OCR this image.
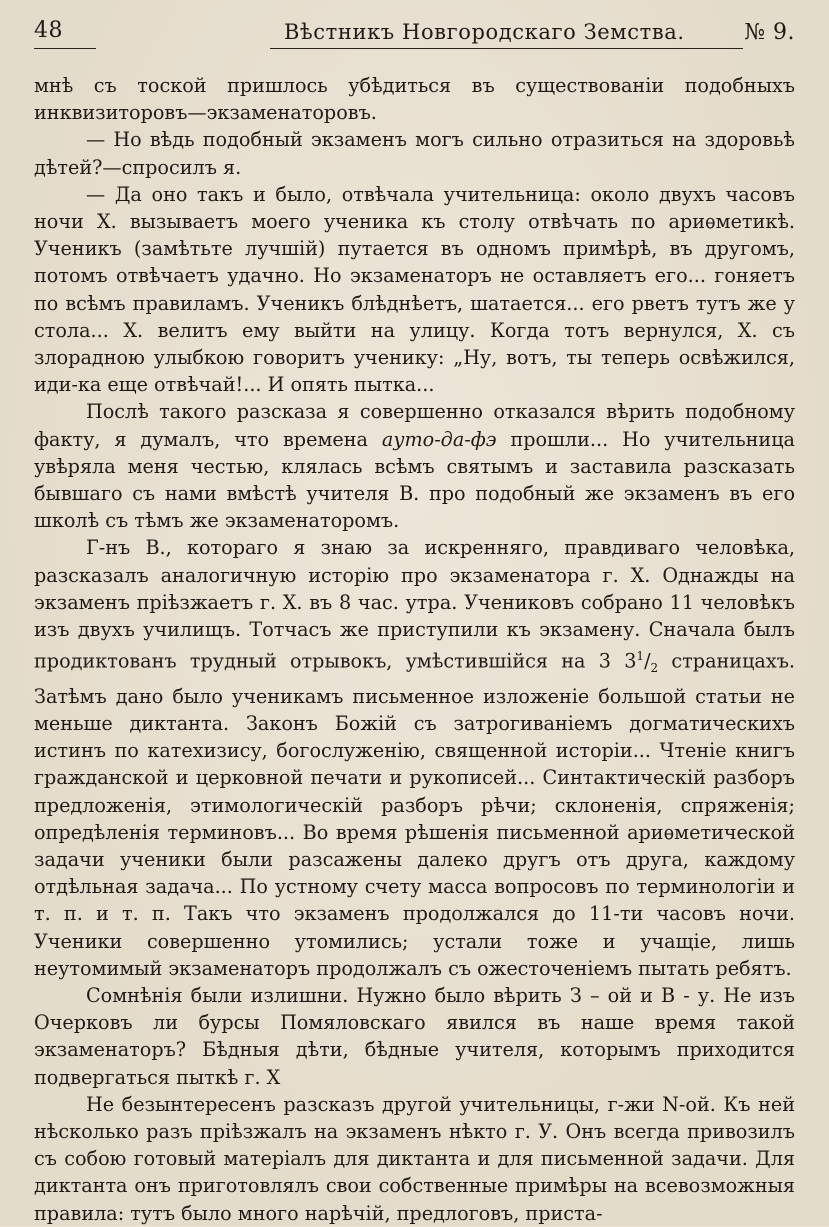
48	Вѣстникъ Новгородскаго Земства.	№ 9.

мнѣ съ тоской пришлось убѣдиться въ существованіи подобныхъ инквизиторовъ—экзаменаторовъ.

— Но вѣдь подобный экзаменъ могъ сильно отразиться на здоровьѣ дѣтей?—спросилъ я.

— Да оно такъ и было, отвѣчала учительница: около двухъ часовъ ночи Х. вызываетъ моего ученика къ столу отвѣчать по ариѳметикѣ. Ученикъ (замѣтьте лучшій) путается въ одномъ примѣрѣ, въ другомъ, потомъ отвѣчаетъ удачно. Но экзаменаторъ не оставляетъ его... гоняетъ по всѣмъ правиламъ. Ученикъ блѣднѣетъ, шатается... его рветъ тутъ же у стола... Х. велитъ ему выйти на улицу. Когда тотъ вернулся, Х. съ злорадною улыбкою говоритъ ученику: „Ну, вотъ, ты теперь освѣжился, иди-ка еще отвѣчай!... И опять пытка...

Послѣ такого разсказа я совершенно отказался вѣрить подобному факту, я думалъ, что времена ауто-да-фэ прошли... Но учительница увѣряла меня честью, клялась всѣмъ святымъ и заставила разсказать бывшаго съ нами вмѣстѣ учителя В. про подобный же экзаменъ въ его школѣ съ тѣмъ же экзаменаторомъ.

Г-нъ В., котораго я знаю за искренняго, правдиваго человѣка, разсказалъ аналогичную исторію про экзаменатора г. Х. Однажды на экзаменъ пріѣзжаетъ г. Х. въ 8 час. утра. Учениковъ собрано 11 человѣкъ изъ двухъ училищъ. Тотчасъ же приступили къ экзамену. Сначала былъ продиктованъ трудный отрывокъ, умѣстившійся на 3 $3^1/_2$ страницахъ. Затѣмъ дано было ученикамъ письменное изложеніе большой статьи не меньше диктанта. Законъ Божій съ затрогиваніемъ догматическихъ истинъ по катехизису, богослуженію, священной исторіи... Чтеніе книгъ гражданской и церковной печати и рукописей... Синтактическій разборъ предложенія, этимологическій разборъ рѣчи; склоненія, спряженія; опредѣленія терминовъ... Во время рѣшенія письменной ариѳметической задачи ученики были разсажены далеко другъ отъ друга, каждому отдѣльная задача... По устному счету масса вопросовъ по терминологіи и т. п. и т. п. Такъ что экзаменъ продолжался до 11-ти часовъ ночи. Ученики совершенно утомились; устали тоже и учащіе, лишь неутомимый экзаменаторъ продолжалъ съ ожесточеніемъ пытать ребятъ.

Сомнѣнія были излишни. Нужно было вѣрить З – ой и В - у. Не изъ Очерковъ ли бурсы Помяловскаго явился въ наше время такой экзаменаторъ? Бѣдныя дѣти, бѣдные учителя, которымъ приходится подвергаться пыткѣ г. Х

Не безынтересенъ разсказъ другой учительницы, г-жи N-ой. Къ ней нѣсколько разъ пріѣзжалъ на экзаменъ нѣкто г. У. Онъ всегда привозилъ съ собою готовый матеріалъ для диктанта и для письменной задачи. Для диктанта онъ приготовлялъ свои собственные примѣры на всевозможныя правила: тутъ было много нарѣчій, предлоговъ, приста-
